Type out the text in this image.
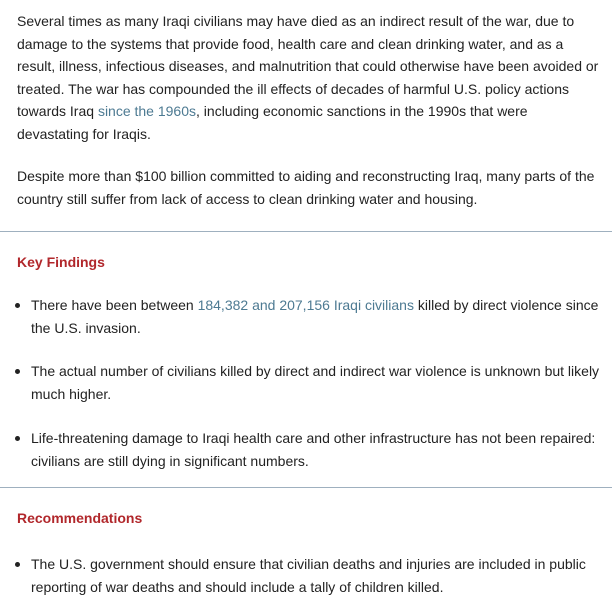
Several times as many Iraqi civilians may have died as an indirect result of the war, due to damage to the systems that provide food, health care and clean drinking water, and as a result, illness, infectious diseases, and malnutrition that could otherwise have been avoided or treated. The war has compounded the ill effects of decades of harmful U.S. policy actions towards Iraq since the 1960s, including economic sanctions in the 1990s that were devastating for Iraqis.

Despite more than $100 billion committed to aiding and reconstructing Iraq, many parts of the country still suffer from lack of access to clean drinking water and housing.

Key Findings
There have been between 184,382 and 207,156 Iraqi civilians killed by direct violence since the U.S. invasion.
The actual number of civilians killed by direct and indirect war violence is unknown but likely much higher.
Life-threatening damage to Iraqi health care and other infrastructure has not been repaired: civilians are still dying in significant numbers.
Recommendations
The U.S. government should ensure that civilian deaths and injuries are included in public reporting of war deaths and should include a tally of children killed.
